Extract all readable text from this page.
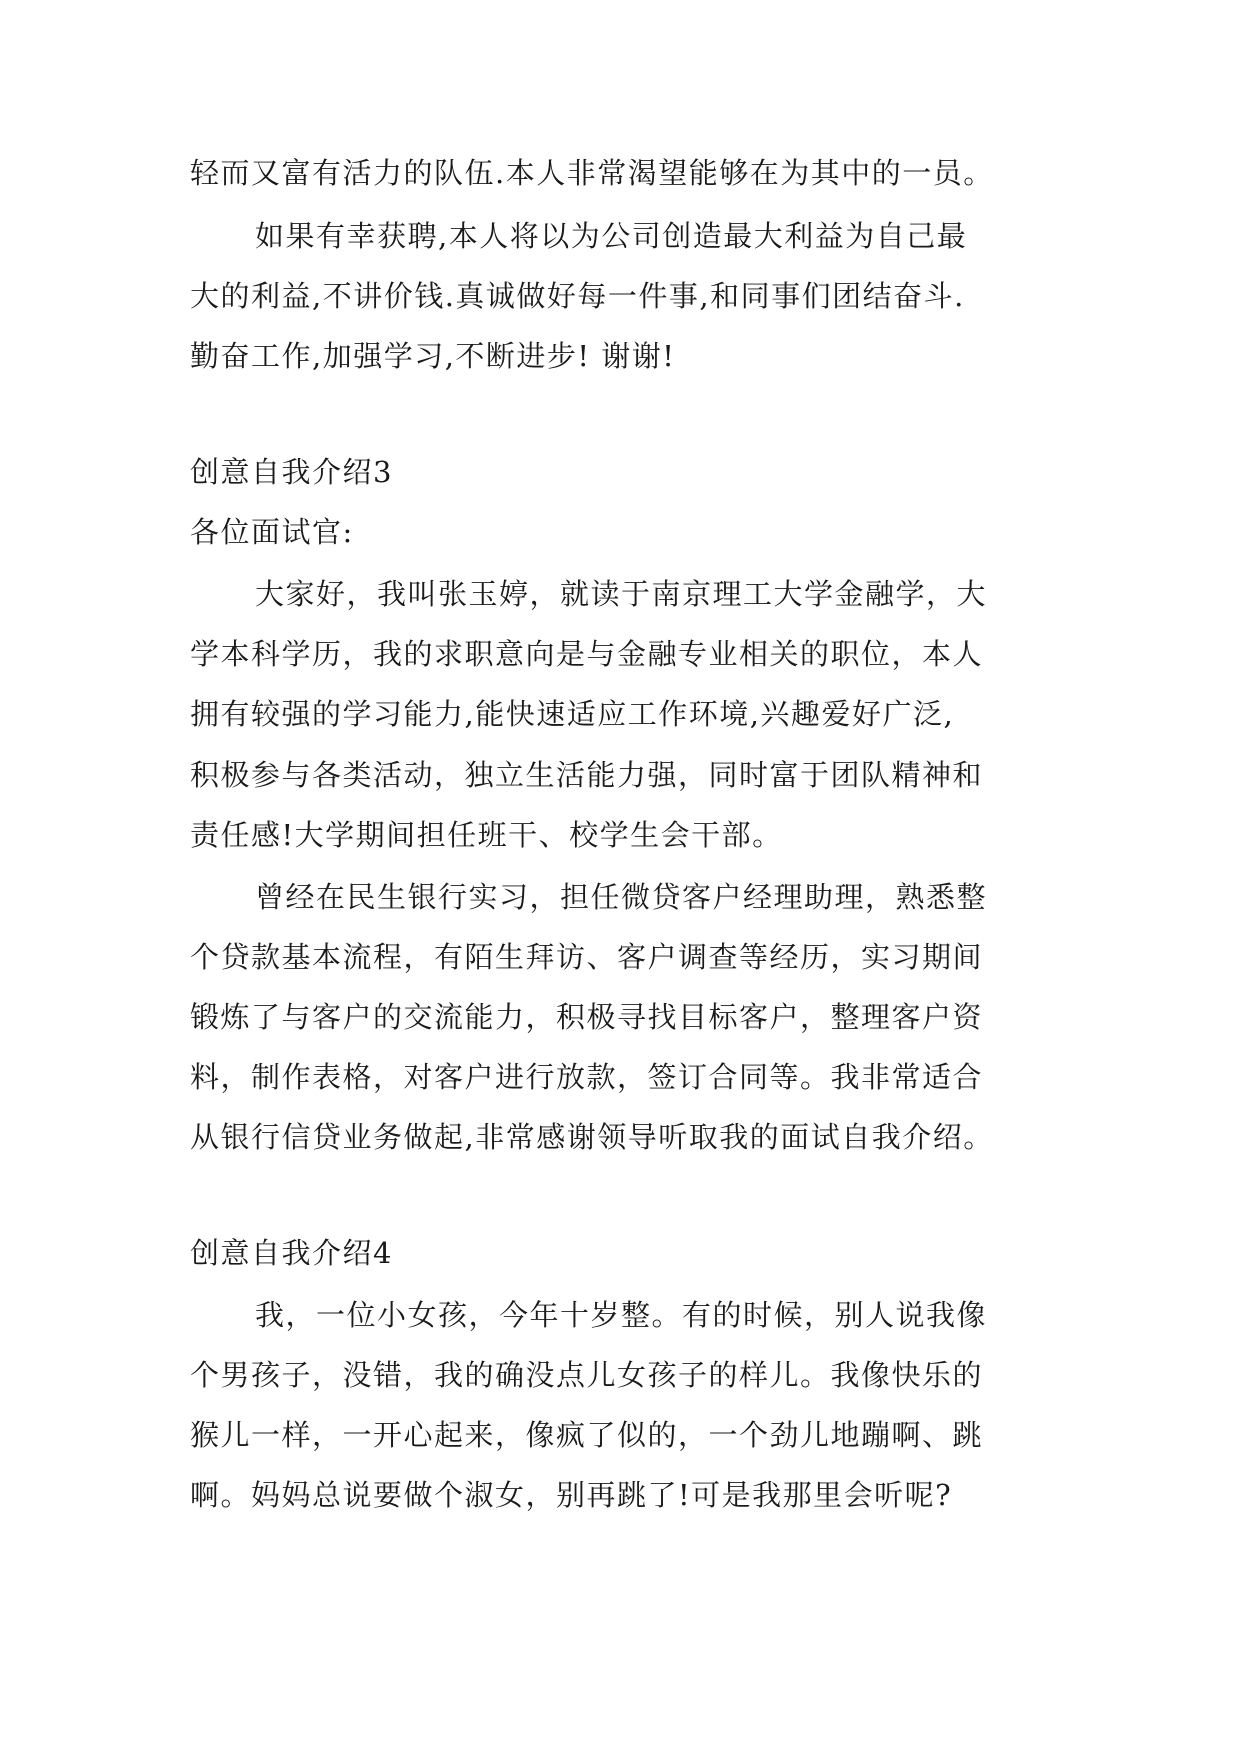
轻而又富有活力的队伍.本人非常渴望能够在为其中的一员。

如果有幸获聘,本人将以为公司创造最大利益为自己最

大的利益,不讲价钱.真诚做好每一件事,和同事们团结奋斗.

勤奋工作,加强学习,不断进步! 谢谢!

创意自我介绍3

各位面试官:

大家好，我叫张玉婷，就读于南京理工大学金融学，大

学本科学历，我的求职意向是与金融专业相关的职位，本人

拥有较强的学习能力,能快速适应工作环境,兴趣爱好广泛,

积极参与各类活动，独立生活能力强，同时富于团队精神和

责任感!大学期间担任班干、校学生会干部。

曾经在民生银行实习，担任微贷客户经理助理，熟悉整

个贷款基本流程，有陌生拜访、客户调查等经历，实习期间

锻炼了与客户的交流能力，积极寻找目标客户，整理客户资

料，制作表格，对客户进行放款，签订合同等。我非常适合

从银行信贷业务做起,非常感谢领导听取我的面试自我介绍。

创意自我介绍4

我，一位小女孩，今年十岁整。有的时候，别人说我像

个男孩子，没错，我的确没点儿女孩子的样儿。我像快乐的

猴儿一样，一开心起来，像疯了似的，一个劲儿地蹦啊、跳

啊。妈妈总说要做个淑女，别再跳了!可是我那里会听呢?
